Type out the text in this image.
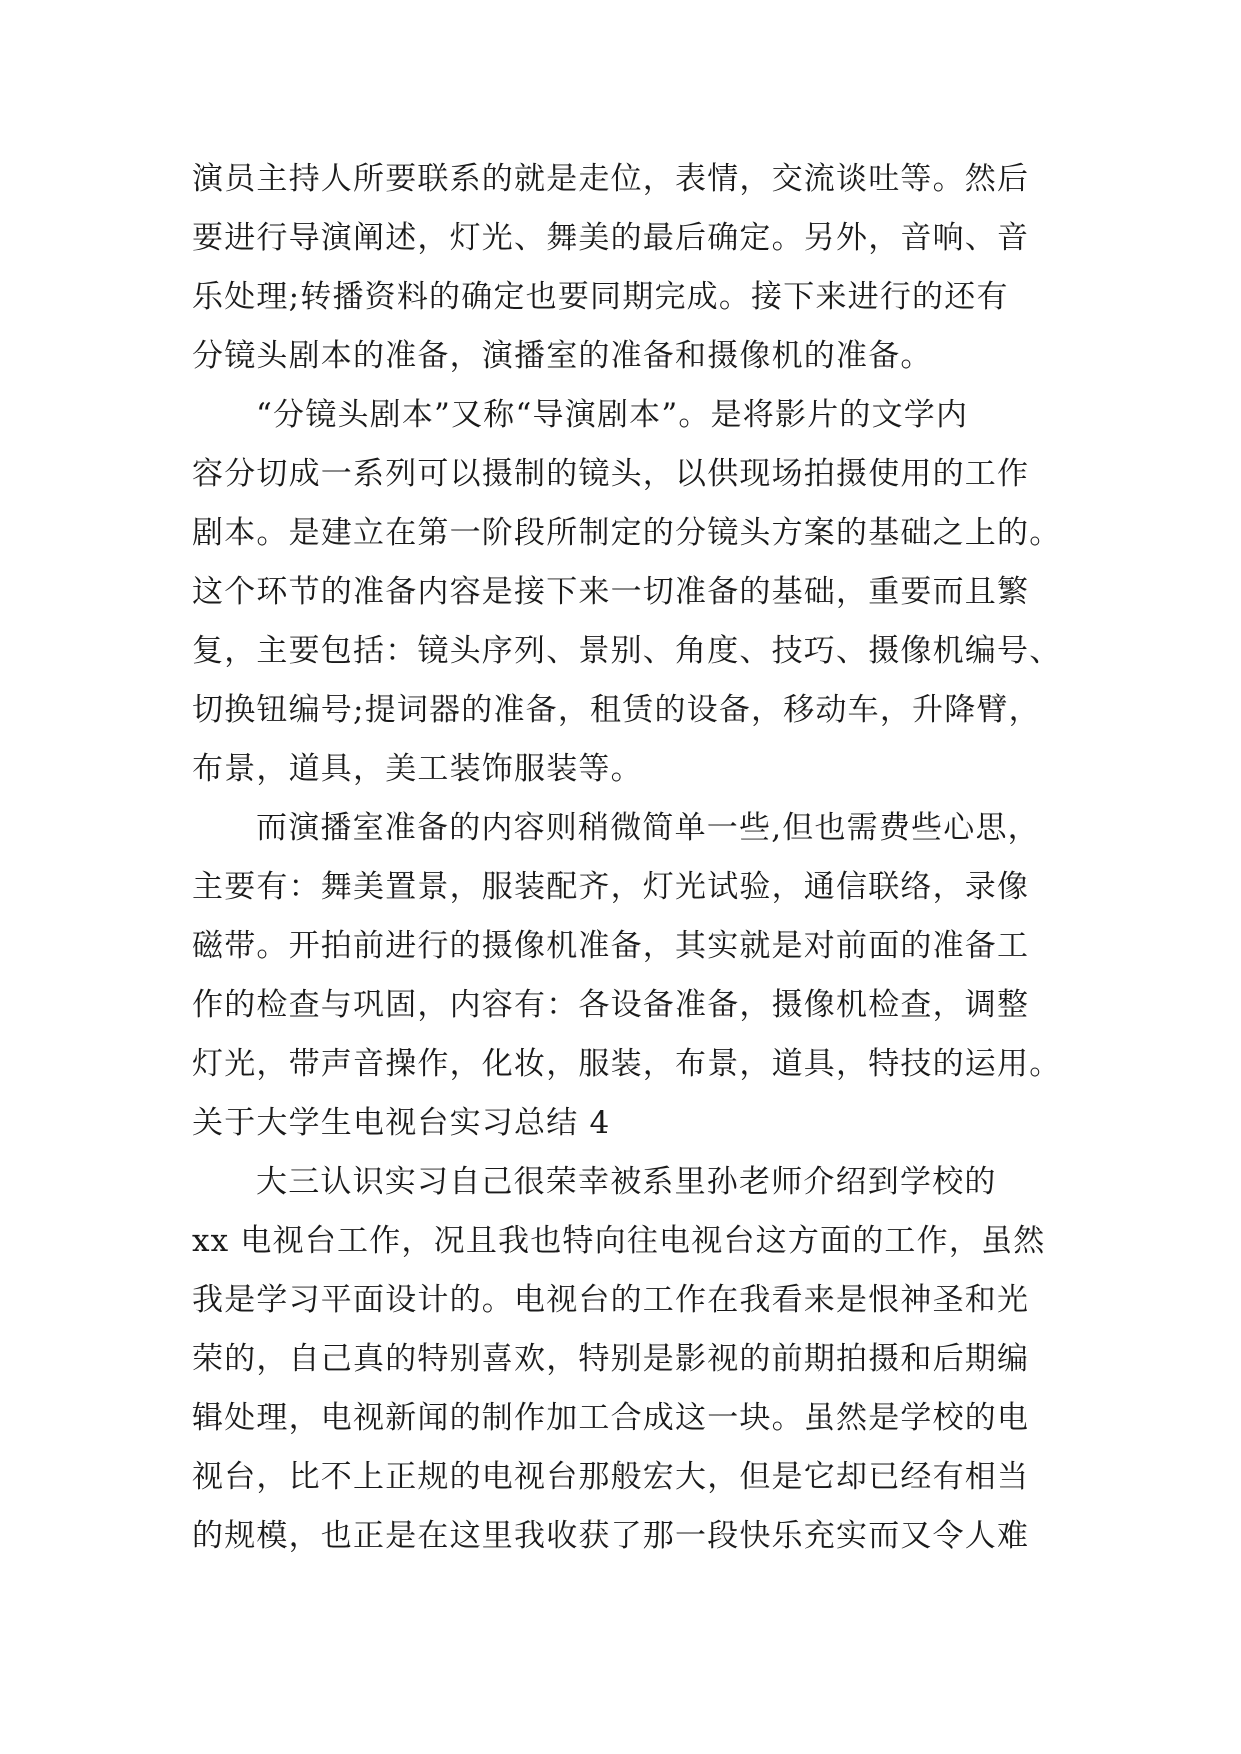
演员主持人所要联系的就是走位，表情，交流谈吐等。然后
要进行导演阐述，灯光、舞美的最后确定。另外，音响、音
乐处理;转播资料的确定也要同期完成。接下来进行的还有
分镜头剧本的准备，演播室的准备和摄像机的准备。
“分镜头剧本”又称“导演剧本”。是将影片的文学内
容分切成一系列可以摄制的镜头，以供现场拍摄使用的工作
剧本。是建立在第一阶段所制定的分镜头方案的基础之上的。
这个环节的准备内容是接下来一切准备的基础，重要而且繁
复，主要包括：镜头序列、景别、角度、技巧、摄像机编号、
切换钮编号;提词器的准备，租赁的设备，移动车，升降臂，
布景，道具，美工装饰服装等。
而演播室准备的内容则稍微简单一些,但也需费些心思，
主要有：舞美置景，服装配齐，灯光试验，通信联络，录像
磁带。开拍前进行的摄像机准备，其实就是对前面的准备工
作的检查与巩固，内容有：各设备准备，摄像机检查，调整
灯光，带声音操作，化妆，服装，布景，道具，特技的运用。
关于大学生电视台实习总结 4
大三认识实习自己很荣幸被系里孙老师介绍到学校的
xx 电视台工作，况且我也特向往电视台这方面的工作，虽然
我是学习平面设计的。电视台的工作在我看来是恨神圣和光
荣的，自己真的特别喜欢，特别是影视的前期拍摄和后期编
辑处理，电视新闻的制作加工合成这一块。虽然是学校的电
视台，比不上正规的电视台那般宏大，但是它却已经有相当
的规模，也正是在这里我收获了那一段快乐充实而又令人难
